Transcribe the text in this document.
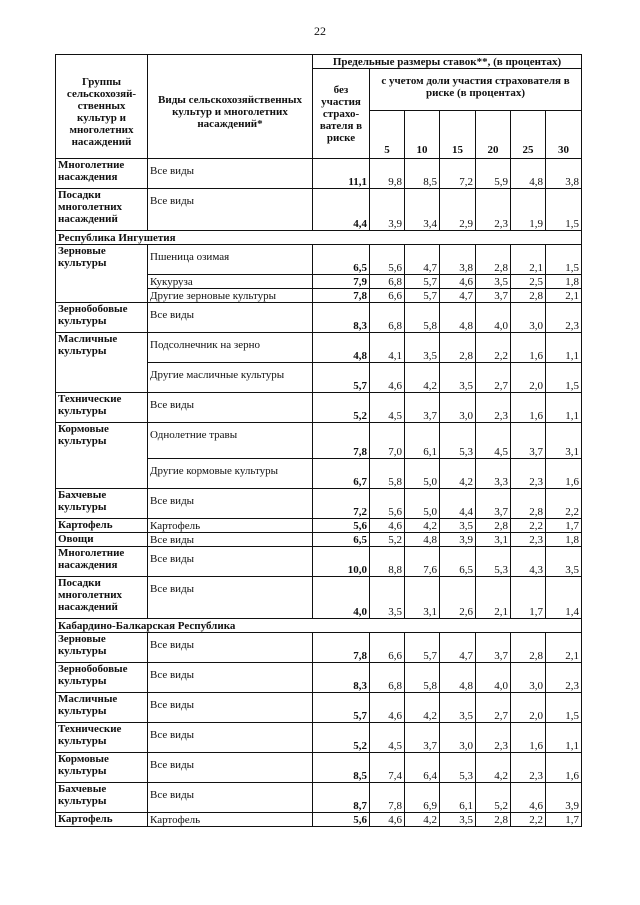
22
Группы сельскохозяй-ственных культур и многолетних насаждений	Виды сельскохозяйственных культур и многолетних насаждений*	Предельные размеры ставок**, (в процентах)						
		без участия страхо-вателя в риске	с учетом доли участия страхователя в риске (в процентах)					
			5	10	15	20	25	30
Многолетние насаждения	Все виды	11,1	9,8	8,5	7,2	5,9	4,8	3,8
Посадки многолетних насаждений	Все виды	4,4	3,9	3,4	2,9	2,3	1,9	1,5
Республика Ингушетия								
Зерновые культуры	Пшеница озимая	6,5	5,6	4,7	3,8	2,8	2,1	1,5
	Кукуруза	7,9	6,8	5,7	4,6	3,5	2,5	1,8
	Другие зерновые культуры	7,8	6,6	5,7	4,7	3,7	2,8	2,1
Зернобобовые культуры	Все виды	8,3	6,8	5,8	4,8	4,0	3,0	2,3
Масличные культуры	Подсолнечник на зерно	4,8	4,1	3,5	2,8	2,2	1,6	1,1
	Другие масличные культуры	5,7	4,6	4,2	3,5	2,7	2,0	1,5
Технические культуры	Все виды	5,2	4,5	3,7	3,0	2,3	1,6	1,1
Кормовые культуры	Однолетние травы	7,8	7,0	6,1	5,3	4,5	3,7	3,1
	Другие кормовые культуры	6,7	5,8	5,0	4,2	3,3	2,3	1,6
Бахчевые культуры	Все виды	7,2	5,6	5,0	4,4	3,7	2,8	2,2
Картофель	Картофель	5,6	4,6	4,2	3,5	2,8	2,2	1,7
Овощи	Все виды	6,5	5,2	4,8	3,9	3,1	2,3	1,8
Многолетние насаждения	Все виды	10,0	8,8	7,6	6,5	5,3	4,3	3,5
Посадки многолетних насаждений	Все виды	4,0	3,5	3,1	2,6	2,1	1,7	1,4
Кабардино-Балкарская Республика								
Зерновые культуры	Все виды	7,8	6,6	5,7	4,7	3,7	2,8	2,1
Зернобобовые культуры	Все виды	8,3	6,8	5,8	4,8	4,0	3,0	2,3
Масличные культуры	Все виды	5,7	4,6	4,2	3,5	2,7	2,0	1,5
Технические культуры	Все виды	5,2	4,5	3,7	3,0	2,3	1,6	1,1
Кормовые культуры	Все виды	8,5	7,4	6,4	5,3	4,2	2,3	1,6
Бахчевые культуры	Все виды	8,7	7,8	6,9	6,1	5,2	4,6	3,9
Картофель	Картофель	5,6	4,6	4,2	3,5	2,8	2,2	1,7
